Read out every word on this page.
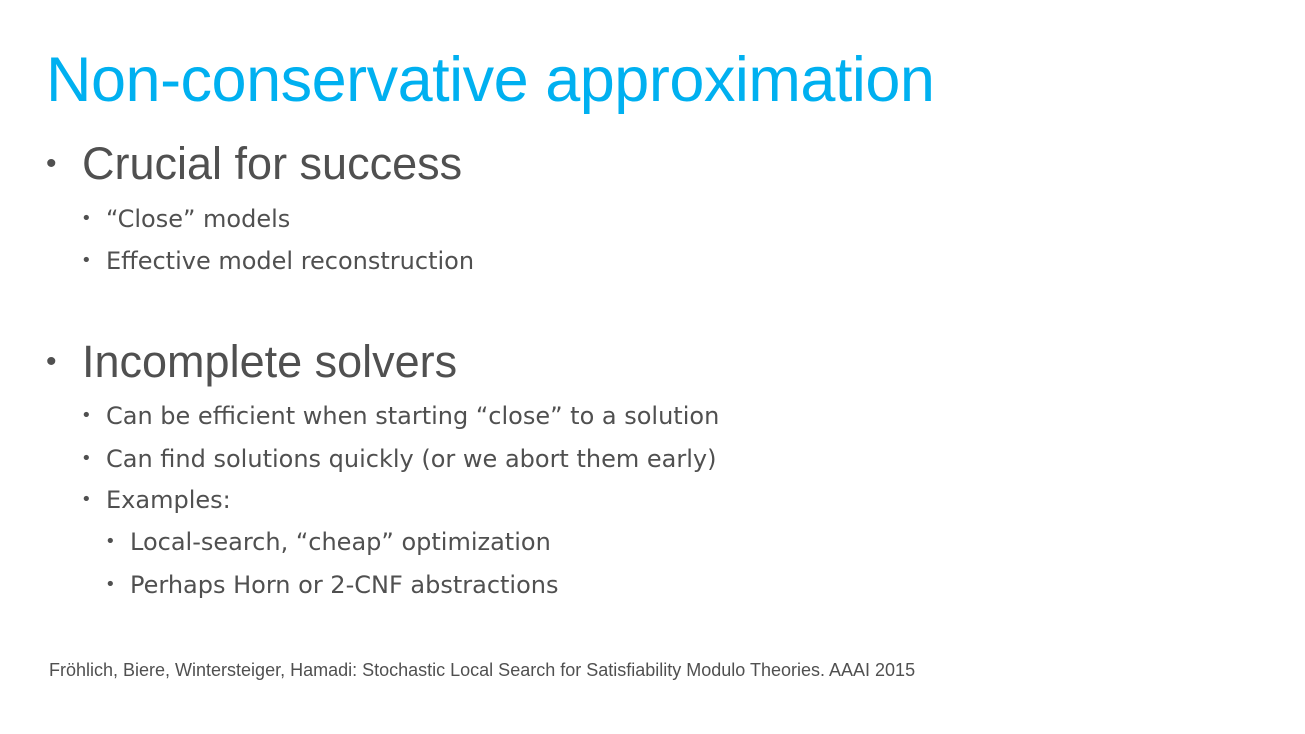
Non-conservative approximation
• Crucial for success
• “Close” models
• Effective model reconstruction
• Incomplete solvers
• Can be efficient when starting “close” to a solution
• Can find solutions quickly (or we abort them early)
• Examples:
• Local-search, “cheap” optimization
• Perhaps Horn or 2-CNF abstractions
Fröhlich, Biere, Wintersteiger, Hamadi: Stochastic Local Search for Satisfiability Modulo Theories. AAAI 2015
